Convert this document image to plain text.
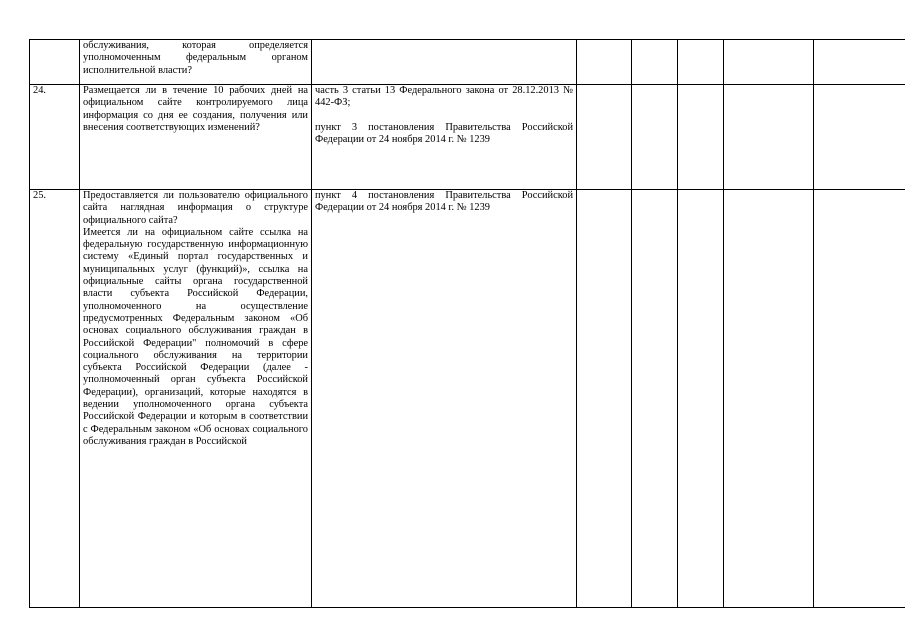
	обслуживания, которая определяется уполномоченным федеральным органом исполнительной власти?						

24.	Размещается ли в течение 10 рабочих дней на официальном сайте контролируемого лица информация со дня ее создания, получения или внесения соответствующих изменений?	часть 3 статьи 13 Федерального закона от 28.12.2013 № 442-ФЗ;
пункт 3 постановления Правительства Российской Федерации от 24 ноября 2014 г. № 1239					

25.	Предоставляется ли пользователю официального сайта наглядная информация о структуре официального сайта?
Имеется ли на официальном сайте ссылка на федеральную государственную информационную систему «Единый портал государственных и муниципальных услуг (функций)», ссылка на официальные сайты органа государственной власти субъекта Российской Федерации, уполномоченного на осуществление предусмотренных Федеральным законом «Об основах социального обслуживания граждан в Российской Федерации" полномочий в сфере социального обслуживания на территории субъекта Российской Федерации (далее - уполномоченный орган субъекта Российской Федерации), организаций, которые находятся в ведении уполномоченного органа субъекта Российской Федерации и которым в соответствии с Федеральным законом «Об основах социального обслуживания граждан в Российской	пункт 4 постановления Правительства Российской Федерации от 24 ноября 2014 г. № 1239					
